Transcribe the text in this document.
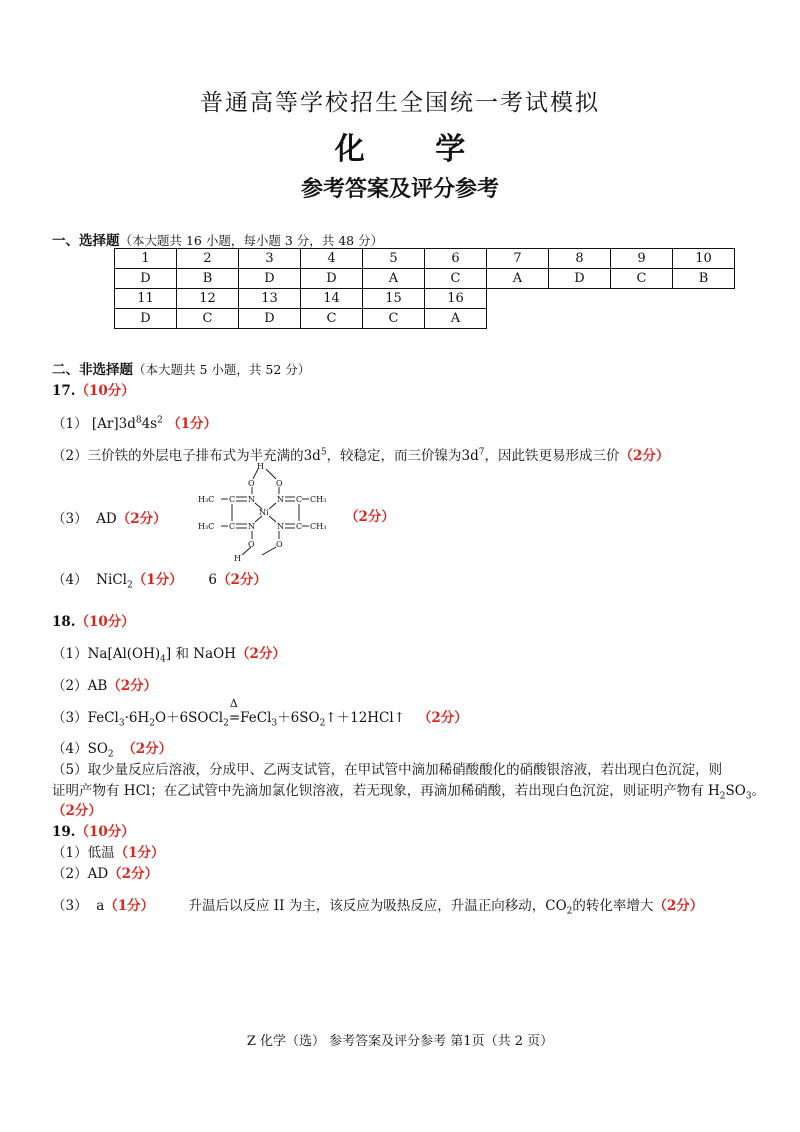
普通高等学校招生全国统一考试模拟
化 学
参考答案及评分参考
一、选择题（本大题共 16 小题，每小题 3 分，共 48 分）
1	2	3	4	5	6	7	8	9	10
D	B	D	D	A	C	A	D	C	B
11	12	13	14	15	16				
D	C	D	C	C	A				
二、非选择题（本大题共 5 小题，共 52 分）
17.（10分）
（1） $[Ar]3d^84s^2$ （1分）
（2）三价铁的外层电子排布式为半充满的$3d^5$，较稳定，而三价镍为$3d^7$，因此铁更易形成三价（2分）
（3） AD（2分）
H
O	O
H₃C C N	N C CH₃
Ni
H₃C C N	N C CH₃
O	O
H
（2分）
（4） NiCl$_2$（1分） 6（2分）
18.（10分）
$(1)Na[Al(OH)_4]$ 和 NaOH（2分）
（2）AB（2分）
$(3)FeCl_3\cdot 6H_2O+6SOCl_2$
Δ
$=FeCl_3+6SO_2↑+12HCl↑$ （2分）
$(4)SO_2$ （2分）
（5）取少量反应后溶液，分成甲、乙两支试管，在甲试管中滴加稀硝酸酸化的硝酸银溶液，若出现白色沉淀，则
证明产物有 HCl；在乙试管中先滴加氯化钡溶液，若无现象，再滴加稀硝酸，若出现白色沉淀，则证明产物有 $H_2SO_3$。
（2分）
19.（10分）
（1）低温（1分）
（2）AD（2分）
（3） a（1分）	升温后以反应 II 为主，该反应为吸热反应，升温正向移动，$CO_2$的转化率增大（2分）
Z 化学（选） 参考答案及评分参考 第1页（共 2 页）
